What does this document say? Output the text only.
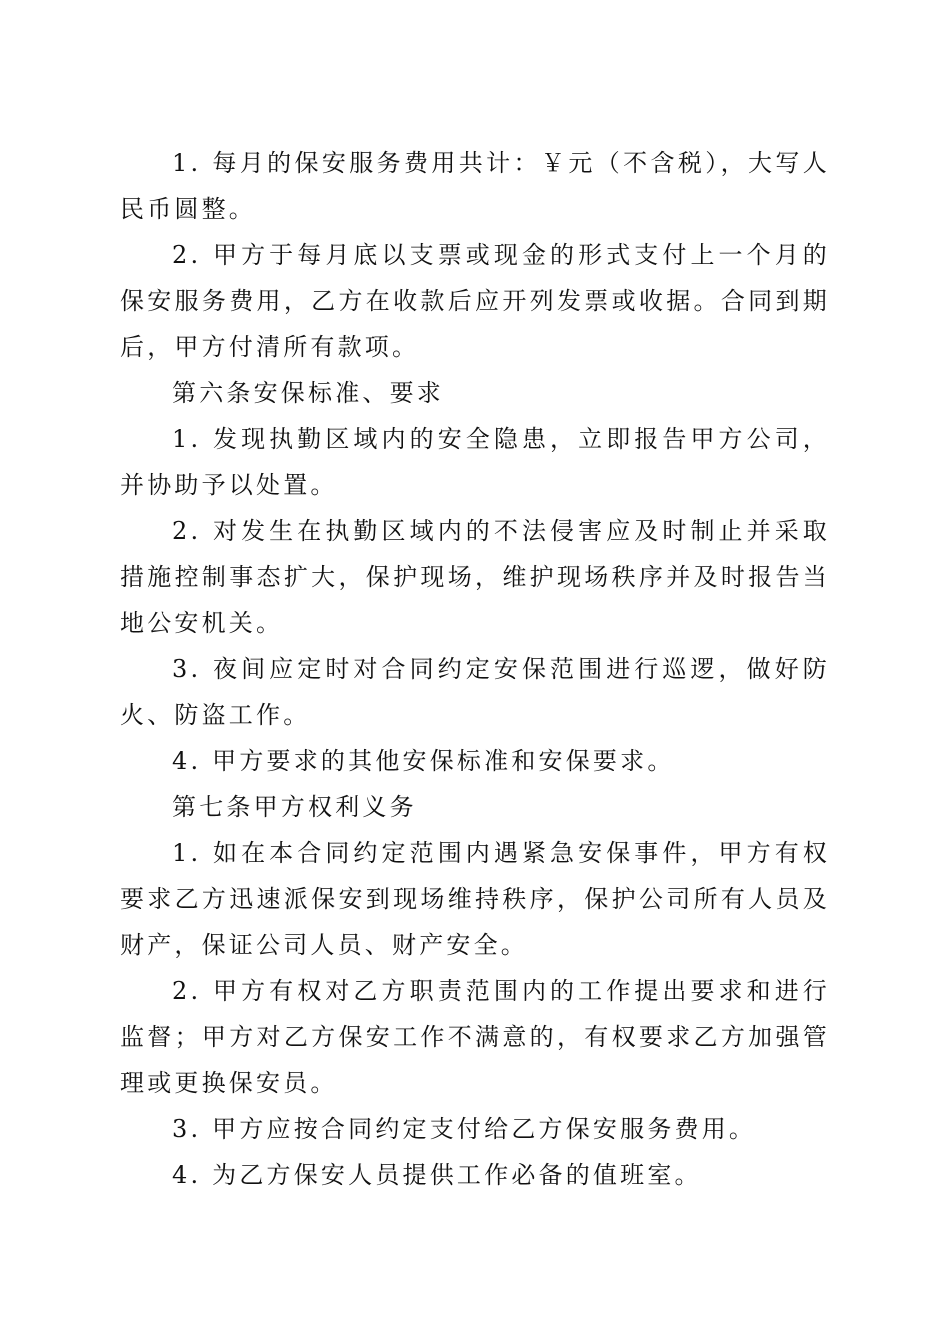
1. 每月的保安服务费用共计：￥元（不含税），大写人民币圆整。

2. 甲方于每月底以支票或现金的形式支付上一个月的保安服务费用，乙方在收款后应开列发票或收据。合同到期后，甲方付清所有款项。

第六条安保标准、要求

1. 发现执勤区域内的安全隐患，立即报告甲方公司，并协助予以处置。

2. 对发生在执勤区域内的不法侵害应及时制止并采取措施控制事态扩大，保护现场，维护现场秩序并及时报告当地公安机关。

3. 夜间应定时对合同约定安保范围进行巡逻，做好防火、防盗工作。

4. 甲方要求的其他安保标准和安保要求。

第七条甲方权利义务

1. 如在本合同约定范围内遇紧急安保事件，甲方有权要求乙方迅速派保安到现场维持秩序，保护公司所有人员及财产，保证公司人员、财产安全。

2. 甲方有权对乙方职责范围内的工作提出要求和进行监督；甲方对乙方保安工作不满意的，有权要求乙方加强管理或更换保安员。

3. 甲方应按合同约定支付给乙方保安服务费用。

4. 为乙方保安人员提供工作必备的值班室。
